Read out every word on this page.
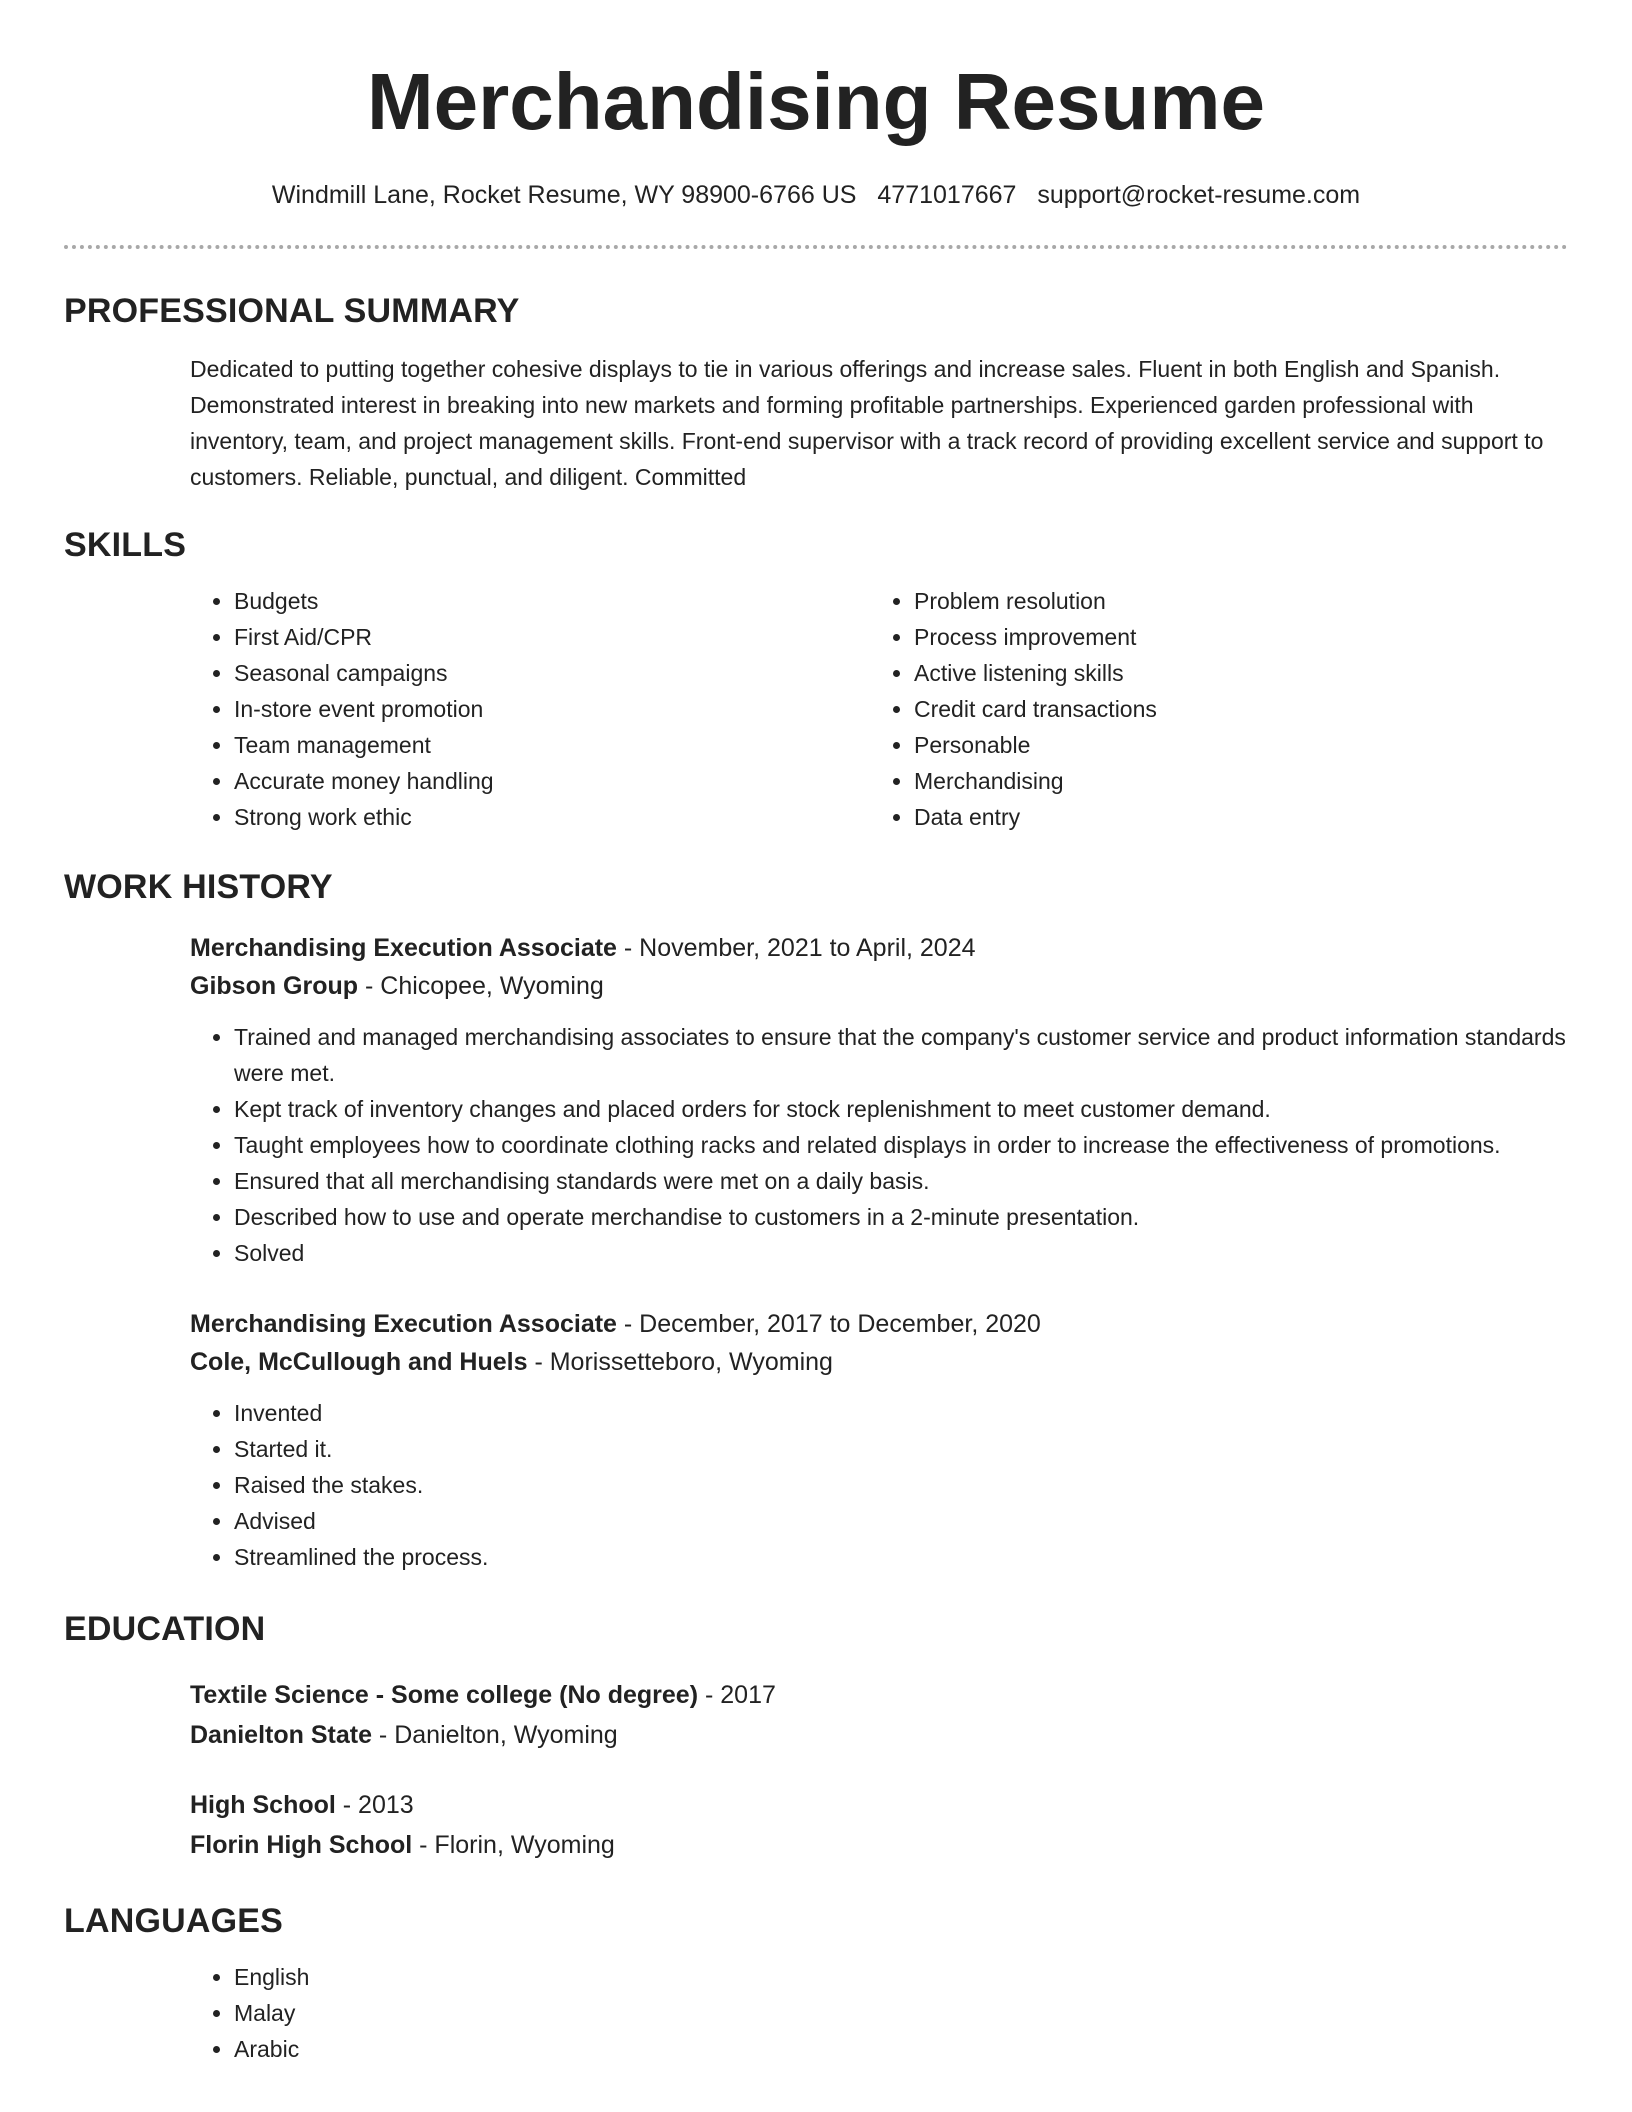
Merchandising Resume
Windmill Lane, Rocket Resume, WY 98900-6766 US 4771017667 support@rocket-resume.com
PROFESSIONAL SUMMARY
Dedicated to putting together cohesive displays to tie in various offerings and increase sales. Fluent in both English and Spanish. Demonstrated interest in breaking into new markets and forming profitable partnerships. Experienced garden professional with inventory, team, and project management skills. Front-end supervisor with a track record of providing excellent service and support to customers. Reliable, punctual, and diligent. Committed
SKILLS
• Budgets
• First Aid/CPR
• Seasonal campaigns
• In-store event promotion
• Team management
• Accurate money handling
• Strong work ethic
• Problem resolution
• Process improvement
• Active listening skills
• Credit card transactions
• Personable
• Merchandising
• Data entry
WORK HISTORY
Merchandising Execution Associate - November, 2021 to April, 2024
Gibson Group - Chicopee, Wyoming
• Trained and managed merchandising associates to ensure that the company's customer service and product information standards were met.
• Kept track of inventory changes and placed orders for stock replenishment to meet customer demand.
• Taught employees how to coordinate clothing racks and related displays in order to increase the effectiveness of promotions.
• Ensured that all merchandising standards were met on a daily basis.
• Described how to use and operate merchandise to customers in a 2-minute presentation.
• Solved
Merchandising Execution Associate - December, 2017 to December, 2020
Cole, McCullough and Huels - Morissetteboro, Wyoming
• Invented
• Started it.
• Raised the stakes.
• Advised
• Streamlined the process.
EDUCATION
Textile Science - Some college (No degree) - 2017
Danielton State - Danielton, Wyoming
High School - 2013
Florin High School - Florin, Wyoming
LANGUAGES
• English
• Malay
• Arabic
